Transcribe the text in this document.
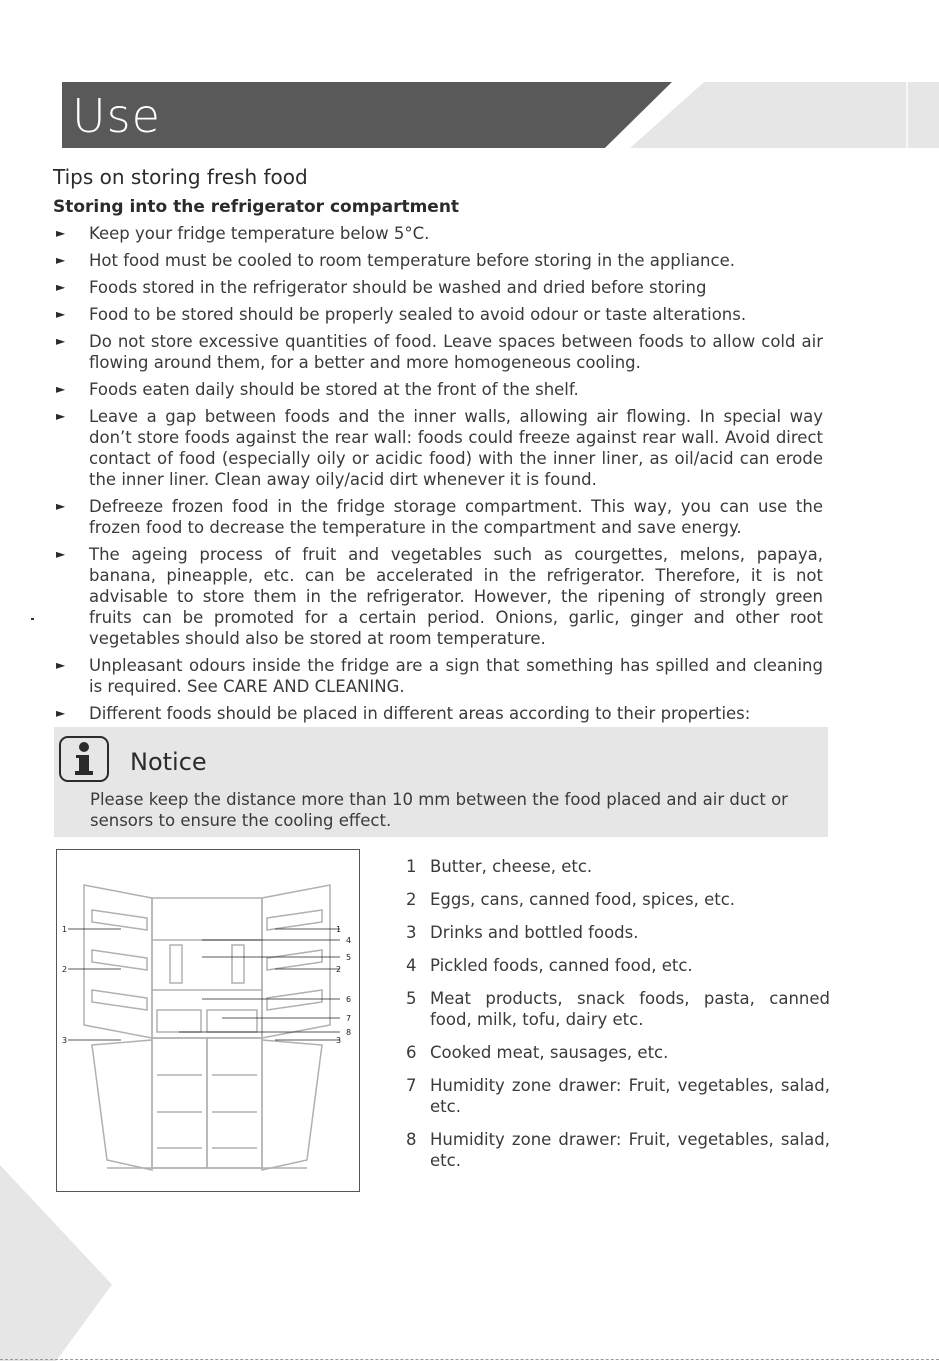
Use
Tips on storing fresh food
Storing into the refrigerator compartment
► Keep your fridge temperature below 5°C.
► Hot food must be cooled to room temperature before storing in the appliance.
► Foods stored in the refrigerator should be washed and dried before storing
► Food to be stored should be properly sealed to avoid odour or taste alterations.
► Do not store excessive quantities of food. Leave spaces between foods to allow cold air flowing around them, for a better and more homogeneous cooling.
► Foods eaten daily should be stored at the front of the shelf.
► Leave a gap between foods and the inner walls, allowing air flowing. In special way don’t store foods against the rear wall: foods could freeze against rear wall. Avoid direct contact of food (especially oily or acidic food) with the inner liner, as oil/acid can erode the inner liner. Clean away oily/acid dirt whenever it is found.
► Defreeze frozen food in the fridge storage compartment. This way, you can use the frozen food to decrease the temperature in the compartment and save energy.
► The ageing process of fruit and vegetables such as courgettes, melons, papaya, banana, pineapple, etc. can be accelerated in the refrigerator. Therefore, it is not advisable to store them in the refrigerator. However, the ripening of strongly green fruits can be promoted for a certain period. Onions, garlic, ginger and other root vegetables should also be stored at room temperature.
► Unpleasant odours inside the fridge are a sign that something has spilled and cleaning is required. See CARE AND CLEANING.
► Different foods should be placed in different areas according to their properties:
Notice
Please keep the distance more than 10 mm between the food placed and air duct or sensors to ensure the cooling effect.
1
2
3
1
4
5
2
6
7
8
3
1 Butter, cheese, etc.
2 Eggs, cans, canned food, spices, etc.
3 Drinks and bottled foods.
4 Pickled foods, canned food, etc.
5 Meat products, snack foods, pasta, canned food, milk, tofu, dairy etc.
6 Cooked meat, sausages, etc.
7 Humidity zone drawer: Fruit, vegetables, salad, etc.
8 Humidity zone drawer: Fruit, vegetables, salad, etc.
